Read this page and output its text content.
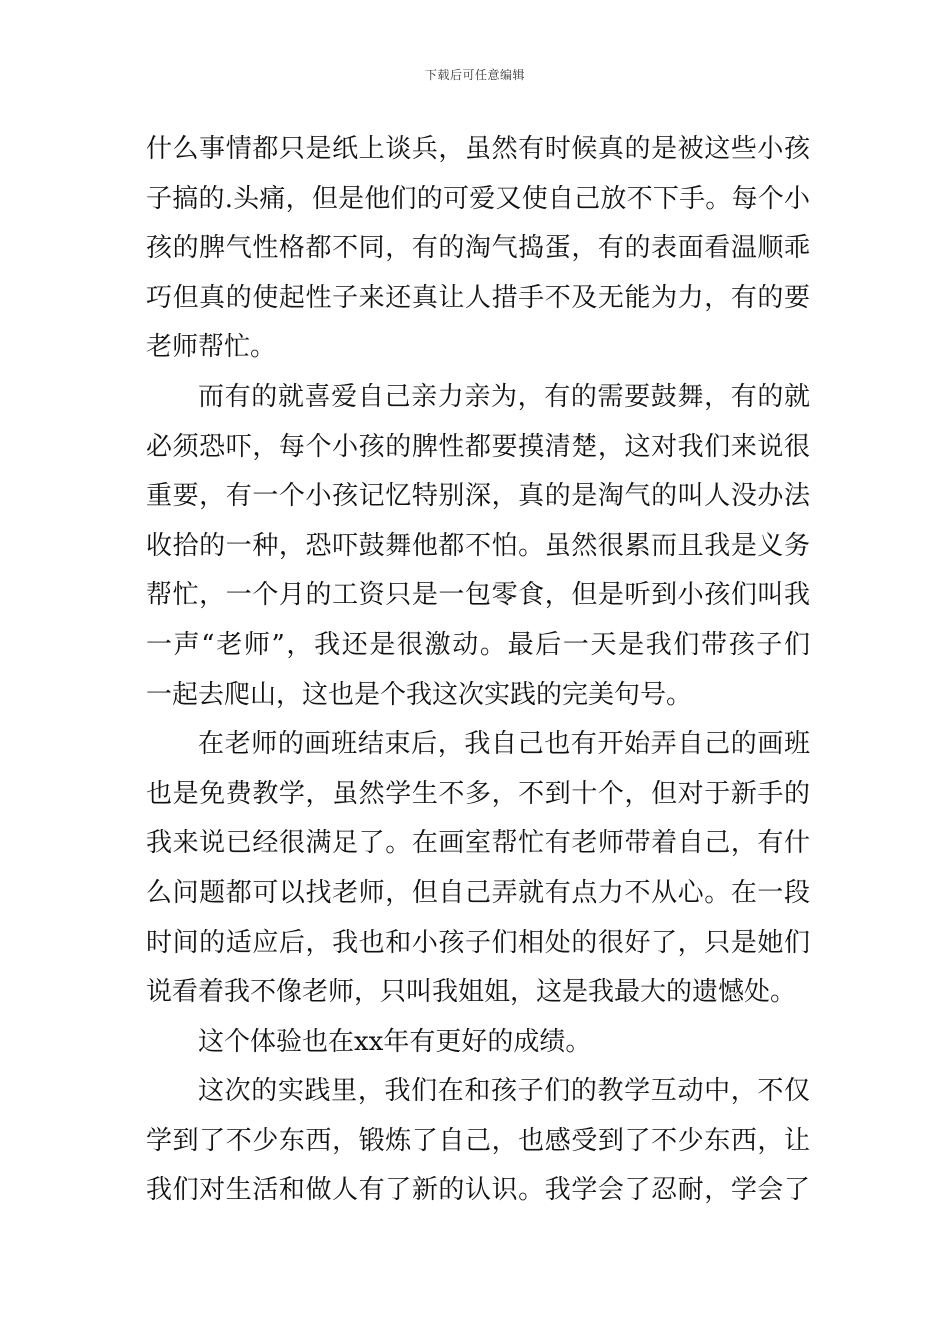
下载后可任意编辑
什么事情都只是纸上谈兵，虽然有时候真的是被这些小孩
子搞的.头痛，但是他们的可爱又使自己放不下手。每个小
孩的脾气性格都不同，有的淘气捣蛋，有的表面看温顺乖
巧但真的使起性子来还真让人措手不及无能为力，有的要
老师帮忙。
而有的就喜爱自己亲力亲为，有的需要鼓舞，有的就
必须恐吓，每个小孩的脾性都要摸清楚，这对我们来说很
重要，有一个小孩记忆特别深，真的是淘气的叫人没办法
收拾的一种，恐吓鼓舞他都不怕。虽然很累而且我是义务
帮忙，一个月的工资只是一包零食，但是听到小孩们叫我
一声“老师”，我还是很激动。最后一天是我们带孩子们
一起去爬山，这也是个我这次实践的完美句号。
在老师的画班结束后，我自己也有开始弄自己的画班
也是免费教学，虽然学生不多，不到十个，但对于新手的
我来说已经很满足了。在画室帮忙有老师带着自己，有什
么问题都可以找老师，但自己弄就有点力不从心。在一段
时间的适应后，我也和小孩子们相处的很好了，只是她们
说看着我不像老师，只叫我姐姐，这是我最大的遗憾处。
这个体验也在xx年有更好的成绩。
这次的实践里，我们在和孩子们的教学互动中，不仅
学到了不少东西，锻炼了自己，也感受到了不少东西，让
我们对生活和做人有了新的认识。我学会了忍耐，学会了
